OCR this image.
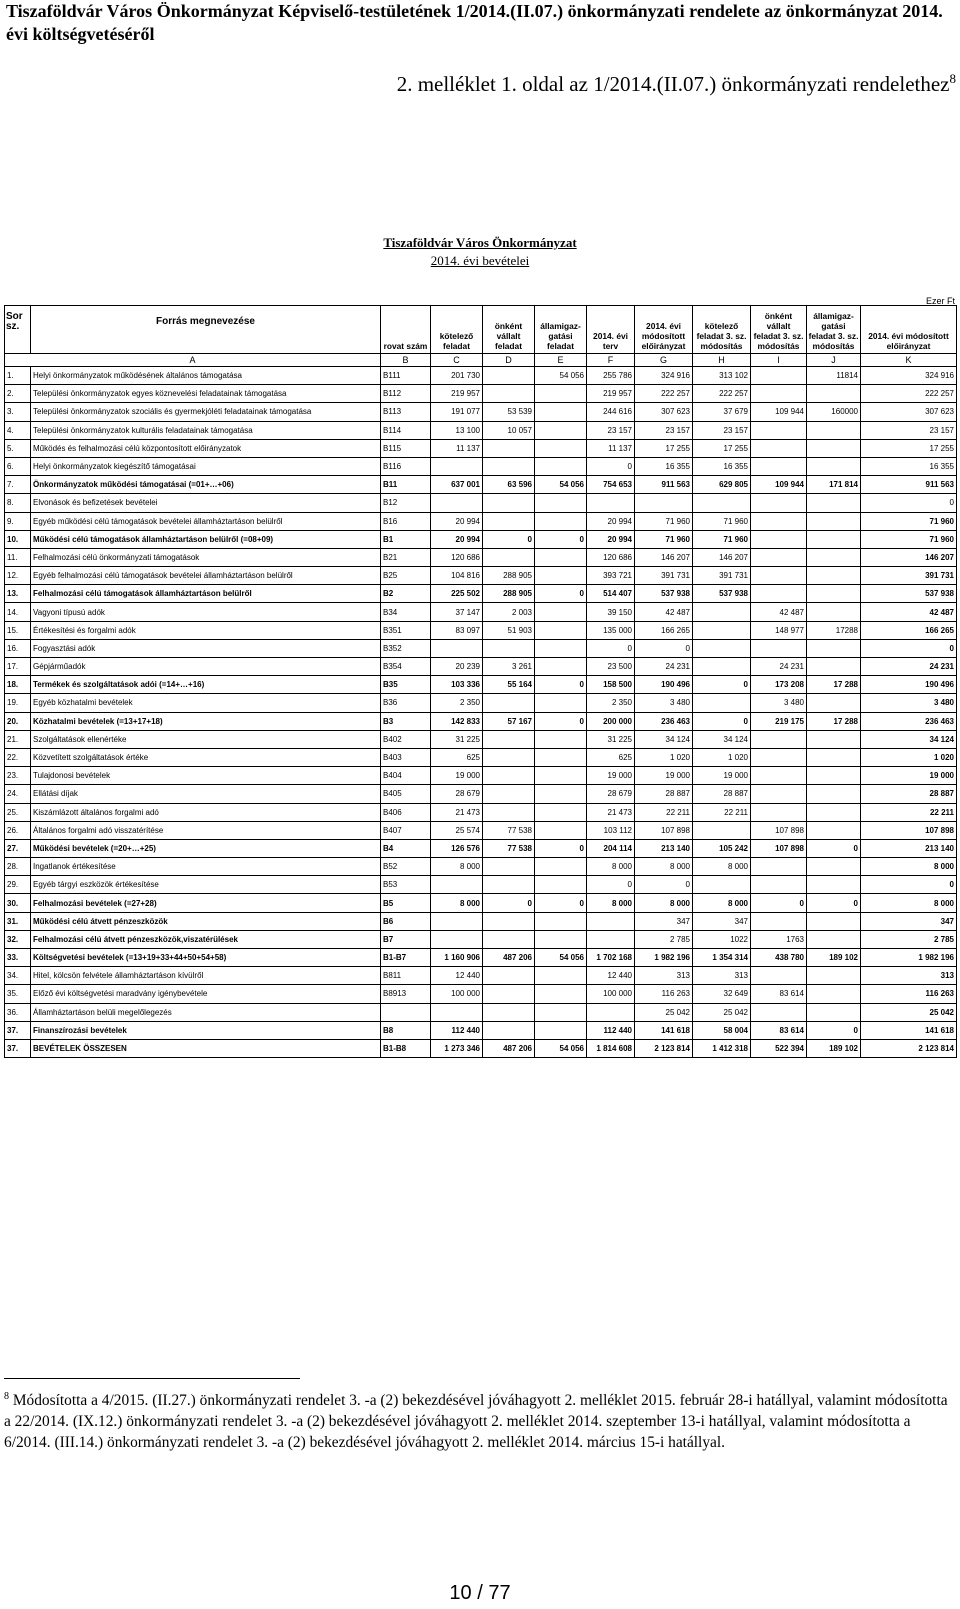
Tiszaföldvár Város Önkormányzat Képviselő-testületének 1/2014.(II.07.) önkormányzati rendelete az önkormányzat 2014.
évi költségvetéséről
2. melléklet 1. oldal az 1/2014.(II.07.) önkormányzati rendelethez$^8$
Tiszaföldvár Város Önkormányzat
2014. évi bevételei
Ezer Ft
Sor sz.	Forrás megnevezése	rovat szám	kötelező feladat	önként vállalt feladat	államigaz-gatási feladat	2014. évi terv	2014. évi módosított előirányzat	kötelező feladat 3. sz. módosítás	önként vállalt feladat 3. sz. módosítás	államigaz-gatási feladat 3. sz. módosítás	2014. évi módosított előirányzat
A		B	C	D	E	F	G	H	I	J	K
1.	Helyi önkormányzatok működésének általános támogatása	B111	201 730		54 056	255 786	324 916	313 102		11814	324 916
2.	Települési önkormányzatok egyes köznevelési feladatainak támogatása	B112	219 957			219 957	222 257	222 257			222 257
3.	Települési önkormányzatok szociális és gyermekjóléti feladatainak támogatása	B113	191 077	53 539		244 616	307 623	37 679	109 944	160000	307 623
4.	Települési önkormányzatok kulturális feladatainak támogatása	B114	13 100	10 057		23 157	23 157	23 157			23 157
5.	Működés és felhalmozási célú központosított előirányzatok	B115	11 137			11 137	17 255	17 255			17 255
6.	Helyi önkormányzatok kiegészítő támogatásai	B116				0	16 355	16 355			16 355
7.	Önkormányzatok működési támogatásai (=01+…+06)	B11	637 001	63 596	54 056	754 653	911 563	629 805	109 944	171 814	911 563
8.	Elvonások és befizetések bevételei	B12									0
9.	Egyéb működési célú támogatások bevételei államháztartáson belülről	B16	20 994			20 994	71 960	71 960			71 960
10.	Működési célú támogatások államháztartáson belülről (=08+09)	B1	20 994	0	0	20 994	71 960	71 960			71 960
11.	Felhalmozási célú önkormányzati támogatások	B21	120 686			120 686	146 207	146 207			146 207
12.	Egyéb felhalmozási célú támogatások bevételei államháztartáson belülről	B25	104 816	288 905		393 721	391 731	391 731			391 731
13.	Felhalmozási célú támogatások államháztartáson belülről	B2	225 502	288 905	0	514 407	537 938	537 938			537 938
14.	Vagyoni típusú adók	B34	37 147	2 003		39 150	42 487		42 487		42 487
15.	Értékesítési és forgalmi adók	B351	83 097	51 903		135 000	166 265		148 977	17288	166 265
16.	Fogyasztási adók	B352				0	0				0
17.	Gépjárműadók	B354	20 239	3 261		23 500	24 231		24 231		24 231
18.	Termékek és szolgáltatások adói (=14+…+16)	B35	103 336	55 164	0	158 500	190 496	0	173 208	17 288	190 496
19.	Egyéb közhatalmi bevételek	B36	2 350			2 350	3 480		3 480		3 480
20.	Közhatalmi bevételek (=13+17+18)	B3	142 833	57 167	0	200 000	236 463	0	219 175	17 288	236 463
21.	Szolgáltatások ellenértéke	B402	31 225			31 225	34 124	34 124			34 124
22.	Közvetített szolgáltatások értéke	B403	625			625	1 020	1 020			1 020
23.	Tulajdonosi bevételek	B404	19 000			19 000	19 000	19 000			19 000
24.	Ellátási díjak	B405	28 679			28 679	28 887	28 887			28 887
25.	Kiszámlázott általános forgalmi adó	B406	21 473			21 473	22 211	22 211			22 211
26.	Általános forgalmi adó visszatérítése	B407	25 574	77 538		103 112	107 898		107 898		107 898
27.	Működési bevételek (=20+…+25)	B4	126 576	77 538	0	204 114	213 140	105 242	107 898	0	213 140
28.	Ingatlanok értékesítése	B52	8 000			8 000	8 000	8 000			8 000
29.	Egyéb tárgyi eszközök értékesítése	B53				0	0				0
30.	Felhalmozási bevételek (=27+28)	B5	8 000	0	0	8 000	8 000	8 000	0	0	8 000
31.	Működési célú átvett pénzeszközök	B6					347	347			347
32.	Felhalmozási célú átvett pénzeszközök,viszatérülések	B7					2 785	1022	1763		2 785
33.	Költségvetési bevételek (=13+19+33+44+50+54+58)	B1-B7	1 160 906	487 206	54 056	1 702 168	1 982 196	1 354 314	438 780	189 102	1 982 196
34.	Hitel, kölcsön felvétele államháztartáson kívülről	B811	12 440			12 440	313	313			313
35.	Előző évi költségvetési maradvány igénybevétele	B8913	100 000			100 000	116 263	32 649	83 614		116 263
36.	Államháztartáson belüli megelőlegezés						25 042	25 042			25 042
37.	Finanszírozási bevételek	B8	112 440			112 440	141 618	58 004	83 614	0	141 618
37.	BEVÉTELEK ÖSSZESEN	B1-B8	1 273 346	487 206	54 056	1 814 608	2 123 814	1 412 318	522 394	189 102	2 123 814
$^8$ Módosította a 4/2015. (II.27.) önkormányzati rendelet 3. -a (2) bekezdésével jóváhagyott 2. melléklet 2015. február 28-i hatállyal, valamint módosította a 22/2014. (IX.12.) önkormányzati rendelet 3. -a (2) bekezdésével jóváhagyott 2. melléklet 2014. szeptember 13-i hatállyal, valamint módosította a 6/2014. (III.14.) önkormányzati rendelet 3. -a (2) bekezdésével jóváhagyott 2. melléklet 2014. március 15-i hatállyal.
10 / 77
